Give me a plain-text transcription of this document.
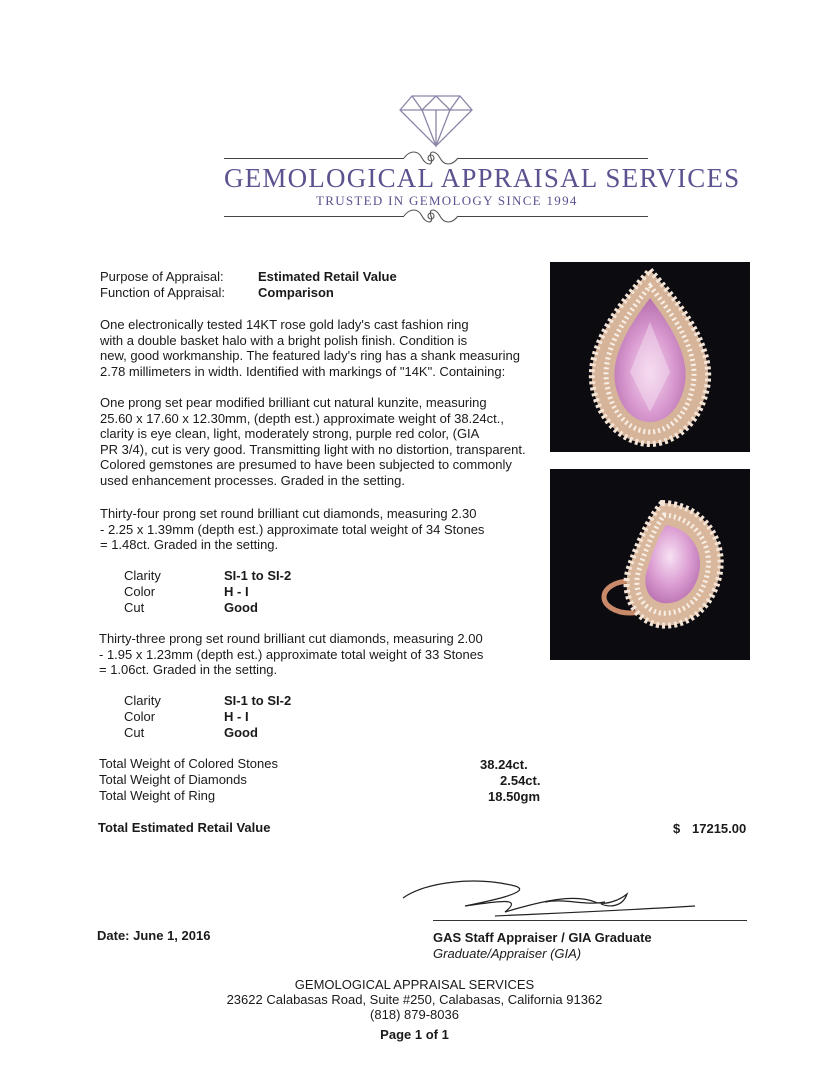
GEMOLOGICAL APPRAISAL SERVICES
TRUSTED IN GEMOLOGY SINCE 1994
Purpose of Appraisal:	Estimated Retail Value
Function of Appraisal:	Comparison
One electronically tested 14KT rose gold lady's cast fashion ring
with a double basket halo with a bright polish finish. Condition is
new, good workmanship. The featured lady's ring has a shank measuring
2.78 millimeters in width. Identified with markings of "14K". Containing:
One prong set pear modified brilliant cut natural kunzite, measuring
25.60 x 17.60 x 12.30mm, (depth est.) approximate weight of 38.24ct.,
clarity is eye clean, light, moderately strong, purple red color, (GIA
PR 3/4), cut is very good. Transmitting light with no distortion, transparent.
Colored gemstones are presumed to have been subjected to commonly
used enhancement processes. Graded in the setting.
Thirty-four prong set round brilliant cut diamonds, measuring 2.30
- 2.25 x 1.39mm (depth est.) approximate total weight of 34 Stones
= 1.48ct. Graded in the setting.
Clarity	SI-1 to SI-2
Color	H - I
Cut	Good
Thirty-three prong set round brilliant cut diamonds, measuring 2.00
- 1.95 x 1.23mm (depth est.) approximate total weight of 33 Stones
= 1.06ct. Graded in the setting.
Clarity	SI-1 to SI-2
Color	H - I
Cut	Good
Total Weight of Colored Stones	38.24ct.
Total Weight of Diamonds	2.54ct.
Total Weight of Ring	18.50gm
Total Estimated Retail Value	$ 17215.00
Date: June 1, 2016	GAS Staff Appraiser / GIA Graduate
Graduate/Appraiser (GIA)
GEMOLOGICAL APPRAISAL SERVICES
23622 Calabasas Road, Suite #250, Calabasas, California 91362
(818) 879-8036
Page 1 of 1
